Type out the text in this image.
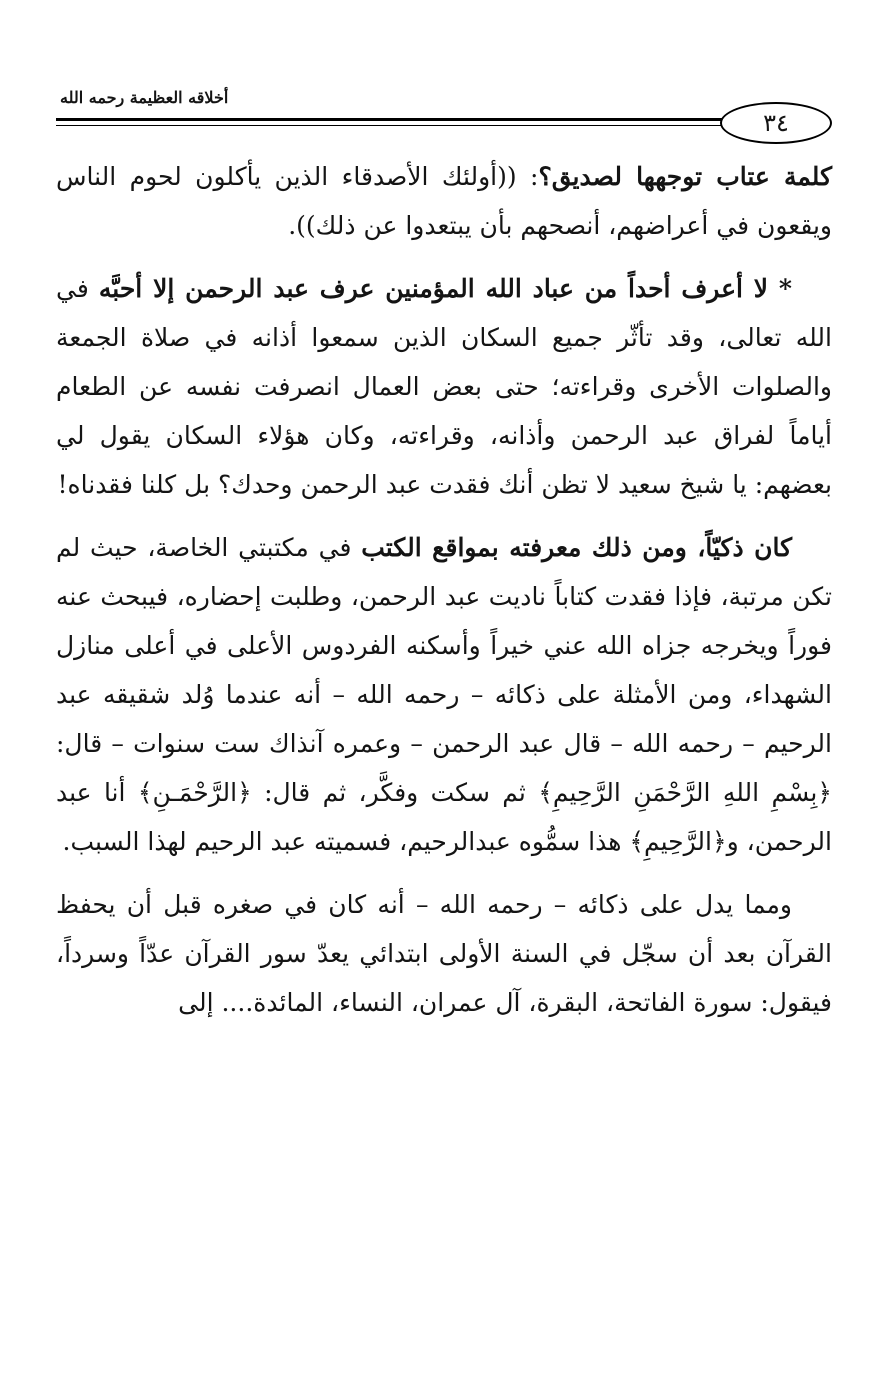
أخلاقه العظيمة رحمه الله
٣٤

كلمة عتاب توجهها لصديق؟: ((أولئك الأصدقاء الذين يأكلون لحوم الناس ويقعون في أعراضهم، أنصحهم بأن يبتعدوا عن ذلك)).

* لا أعرف أحداً من عباد الله المؤمنين عرف عبد الرحمن إلا أحبَّه في الله تعالى، وقد تأثّر جميع السكان الذين سمعوا أذانه في صلاة الجمعة والصلوات الأخرى وقراءته؛ حتى بعض العمال انصرفت نفسه عن الطعام أياماً لفراق عبد الرحمن وأذانه، وقراءته، وكان هؤلاء السكان يقول لي بعضهم: يا شيخ سعيد لا تظن أنك فقدت عبد الرحمن وحدك؟ بل كلنا فقدناه!

كان ذكيّاً، ومن ذلك معرفته بمواقع الكتب في مكتبتي الخاصة، حيث لم تكن مرتبة، فإذا فقدت كتاباً ناديت عبد الرحمن، وطلبت إحضاره، فيبحث عنه فوراً ويخرجه جزاه الله عني خيراً وأسكنه الفردوس الأعلى في أعلى منازل الشهداء، ومن الأمثلة على ذكائه – رحمه الله – أنه عندما وُلد شقيقه عبد الرحيم – رحمه الله – قال عبد الرحمن – وعمره آنذاك ست سنوات – قال: ﴿بِسْمِ اللهِ الرَّحْمَنِ الرَّحِيمِ﴾ ثم سكت وفكَّر، ثم قال: ﴿الرَّحْمَـنِ﴾ أنا عبد الرحمن، و﴿الرَّحِيمِ﴾ هذا سمُّوه عبدالرحيم، فسميته عبد الرحيم لهذا السبب.

ومما يدل على ذكائه – رحمه الله – أنه كان في صغره قبل أن يحفظ القرآن بعد أن سجّل في السنة الأولى ابتدائي يعدّ سور القرآن عدّاً وسرداً، فيقول: سورة الفاتحة، البقرة، آل عمران، النساء، المائدة.... إلى
